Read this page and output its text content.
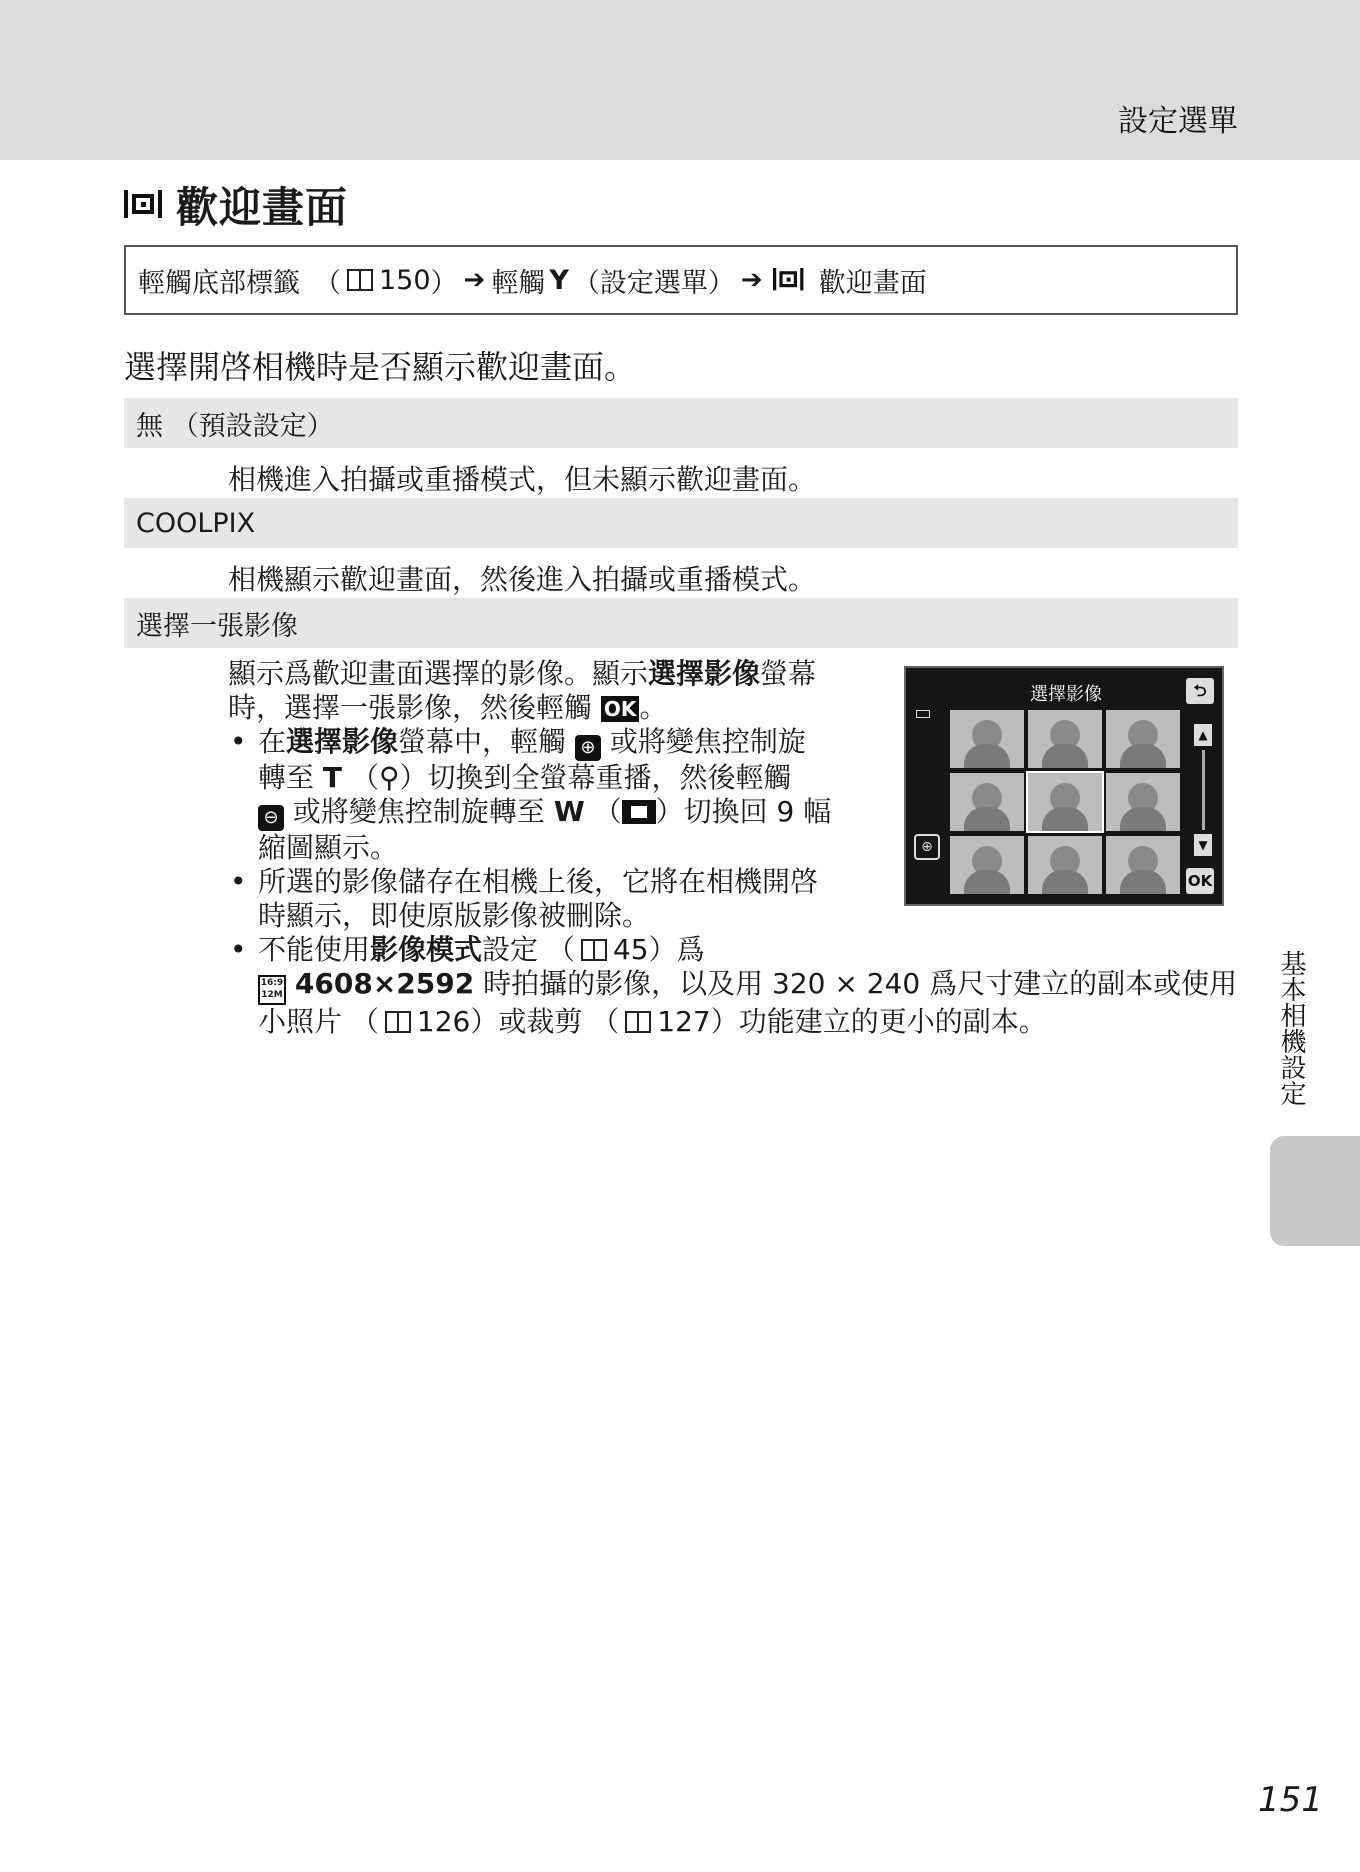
設定選單
歡迎畫面
輕觸底部標籤 （ 150 ） ➔ 輕觸 Y （設定選單） ➔ 歡迎畫面
選擇開啓相機時是否顯示歡迎畫面。
無 （預設設定）
相機進入拍攝或重播模式，但未顯示歡迎畫面。
COOLPIX
相機顯示歡迎畫面，然後進入拍攝或重播模式。
選擇一張影像

顯示爲歡迎畫面選擇的影像。顯示選擇影像螢幕

時，選擇一張影像，然後輕觸 OK 。

• 在選擇影像螢幕中，輕觸 ⊕ 或將變焦控制旋
轉至 T （⚲）切換到全螢幕重播，然後輕觸
⊖ 或將變焦控制旋轉至 W （ ）切換回 9 幅
縮圖顯示。
• 所選的影像儲存在相機上後，它將在相機開啓
時顯示，即使原版影像被刪除。
• 不能使用影像模式設定 （ 45）爲
16:9
12M 4608×2592 時拍攝的影像，以及用 320 × 240 爲尺寸建立的副本或使用
小照片 （ 126）或裁剪 （ 127）功能建立的更小的副本。
選擇影像	⮌
⊕
▲
▼
OK
基本相機設定
151
